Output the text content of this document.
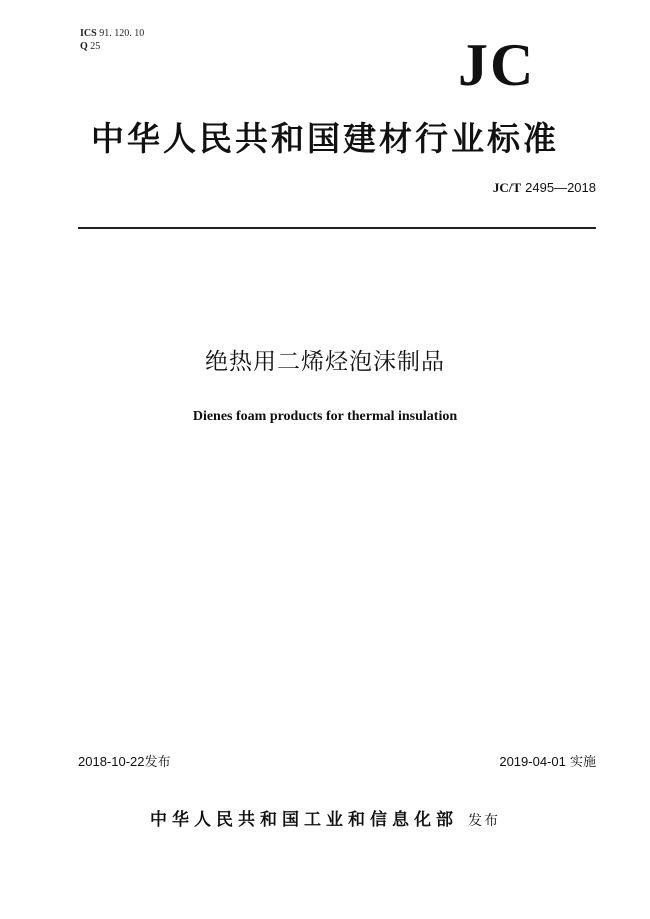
ICS 91. 120. 10
Q 25	JC
中华人民共和国建材行业标准
JC/T 2495—2018
绝热用二烯烃泡沫制品
Dienes foam products for thermal insulation
2018-10-22发布	2019-04-01 实施
中华人民共和国工业和信息化部 发布
